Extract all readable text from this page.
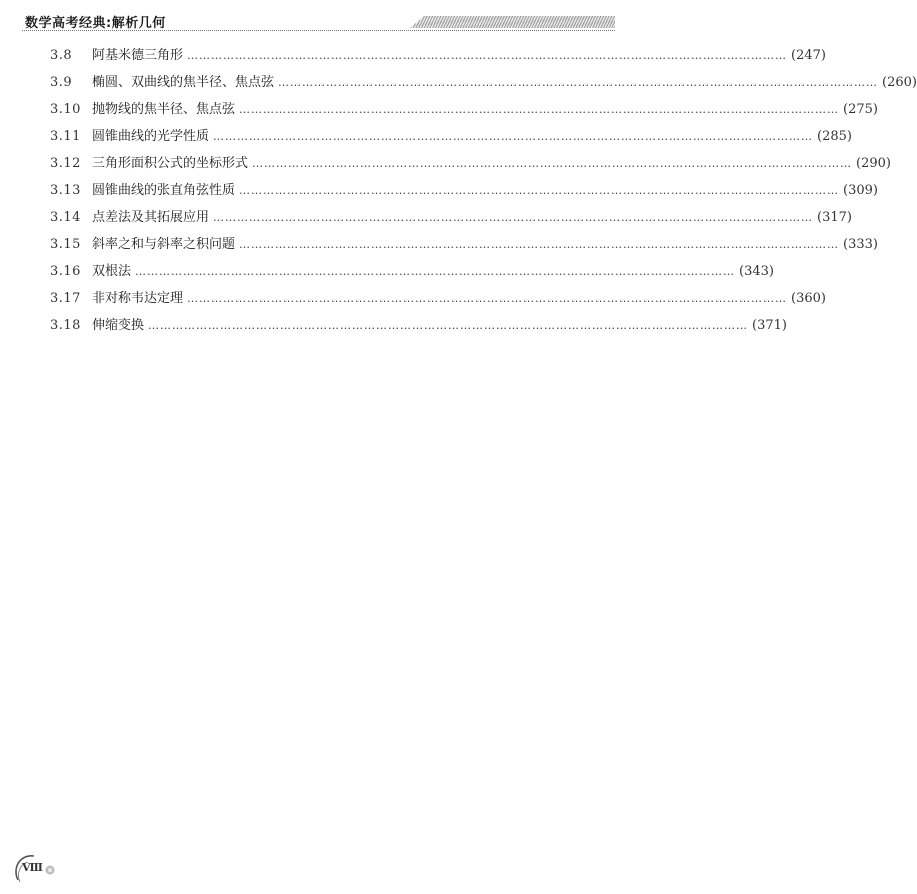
数学高考经典:解析几何
3.8	阿基米德三角形 …………………………………………………………………………………………………………………………………… (247)
3.9	椭圆、双曲线的焦半径、焦点弦 …………………………………………………………………………………………………………………………………… (260)
3.10 抛物线的焦半径、焦点弦 …………………………………………………………………………………………………………………………………… (275)
3.11 圆锥曲线的光学性质 …………………………………………………………………………………………………………………………………… (285)
3.12 三角形面积公式的坐标形式 …………………………………………………………………………………………………………………………………… (290)
3.13 圆锥曲线的张直角弦性质 …………………………………………………………………………………………………………………………………… (309)
3.14 点差法及其拓展应用 …………………………………………………………………………………………………………………………………… (317)
3.15 斜率之和与斜率之积问题 …………………………………………………………………………………………………………………………………… (333)
3.16 双根法 …………………………………………………………………………………………………………………………………… (343)
3.17 非对称韦达定理 …………………………………………………………………………………………………………………………………… (360)
3.18 伸缩变换 …………………………………………………………………………………………………………………………………… (371)
Ⅷ
